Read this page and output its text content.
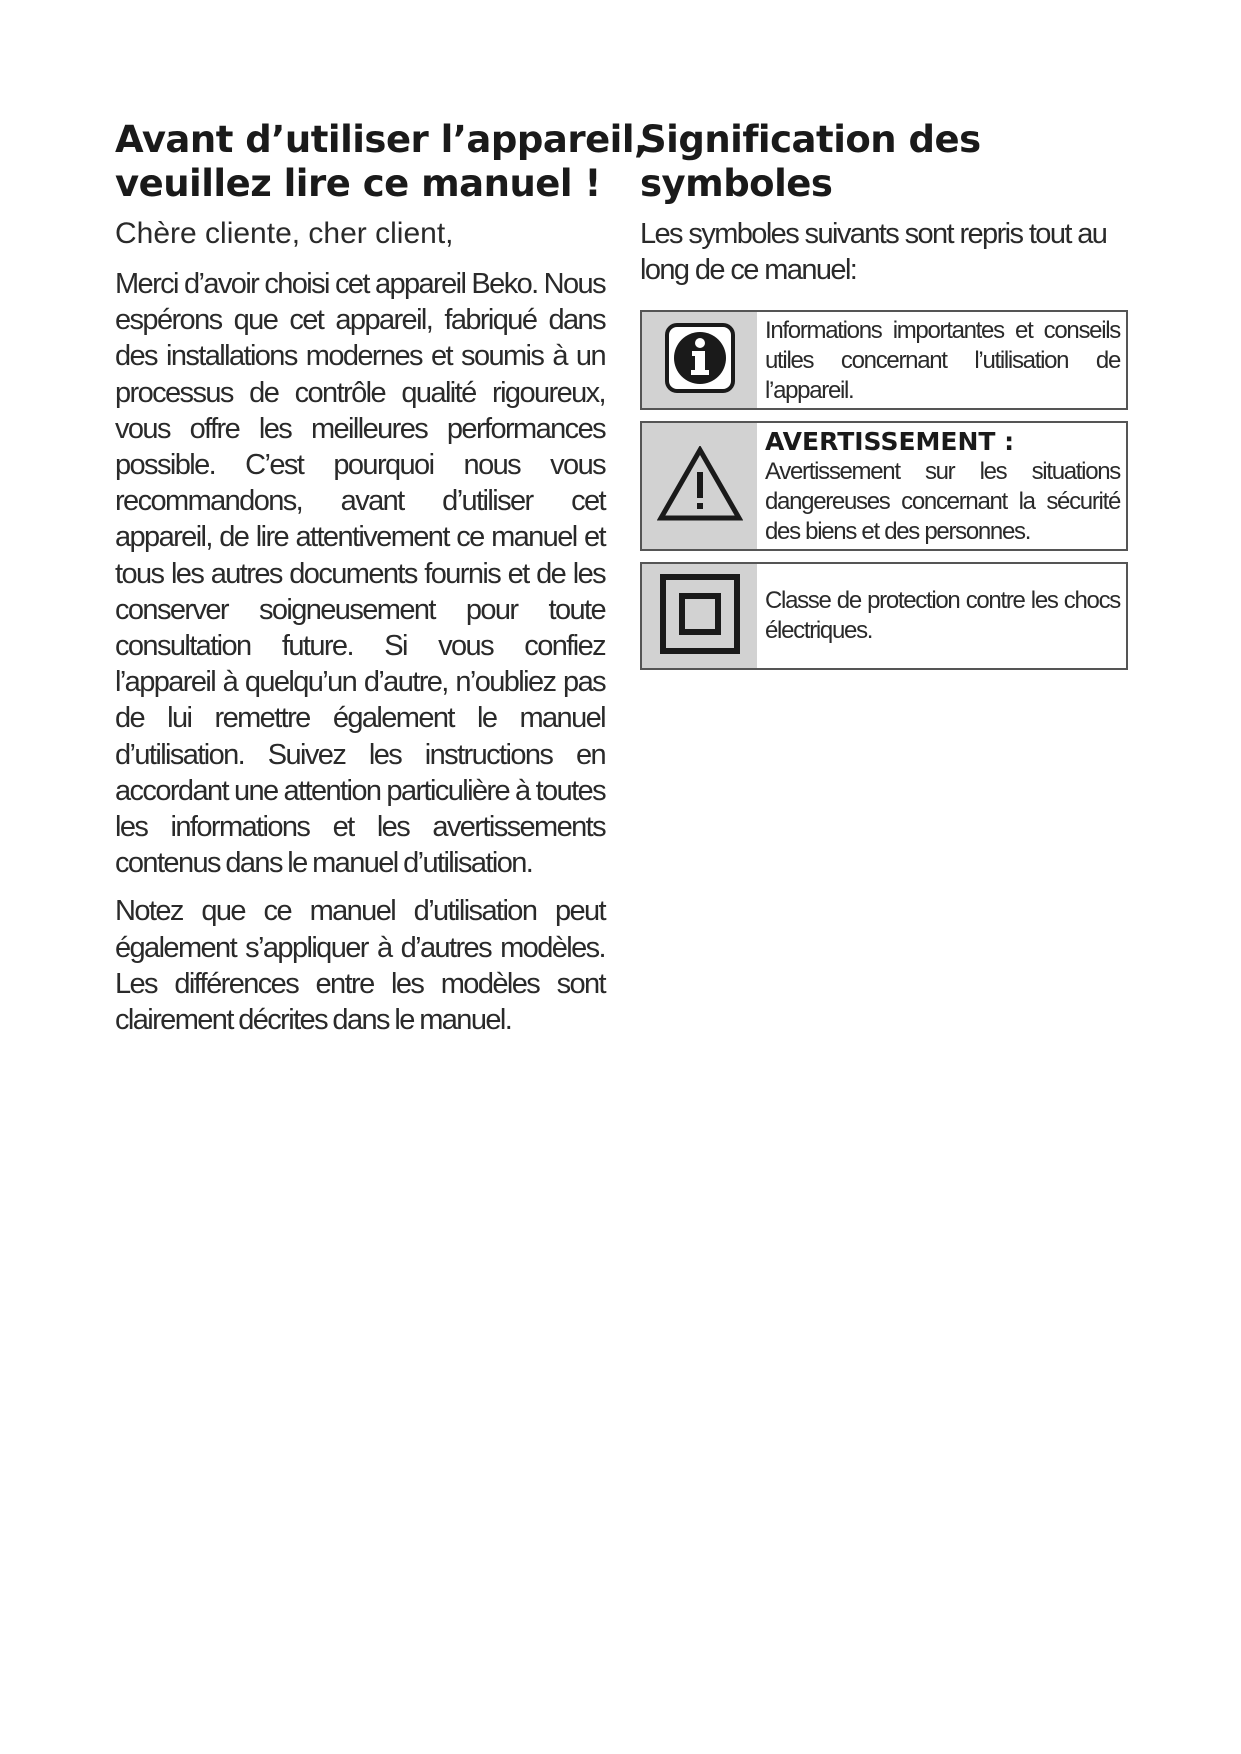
Avant d’utiliser l’appareil,
veuillez lire ce manuel !

Chère cliente, cher client,

Merci d’avoir choisi cet appareil Beko. Nous espérons que cet appareil, fabriqué dans des installations modernes et soumis à un processus de contrôle qualité rigoureux, vous offre les meilleures performances possible. C’est pourquoi nous vous recommandons, avant d’utiliser cet appareil, de lire attentivement ce manuel et tous les autres documents fournis et de les conserver soigneusement pour toute consultation future. Si vous confiez l’appareil à quelqu’un d’autre, n’oubliez pas de lui remettre également le manuel d’utilisation. Suivez les instructions en accordant une attention particulière à toutes les informations et les avertissements contenus dans le manuel d’utilisation.

Notez que ce manuel d’utilisation peut également s’appliquer à d’autres modèles. Les différences entre les modèles sont clairement décrites dans le manuel.

Signification des symboles

Les symboles suivants sont repris tout au long de ce manuel:

Informations importantes et conseils utiles concernant l’utilisation de l’appareil.
AVERTISSEMENT :
Avertissement sur les situations dangereuses concernant la sécurité des biens et des personnes.
Classe de protection contre les chocs électriques.
